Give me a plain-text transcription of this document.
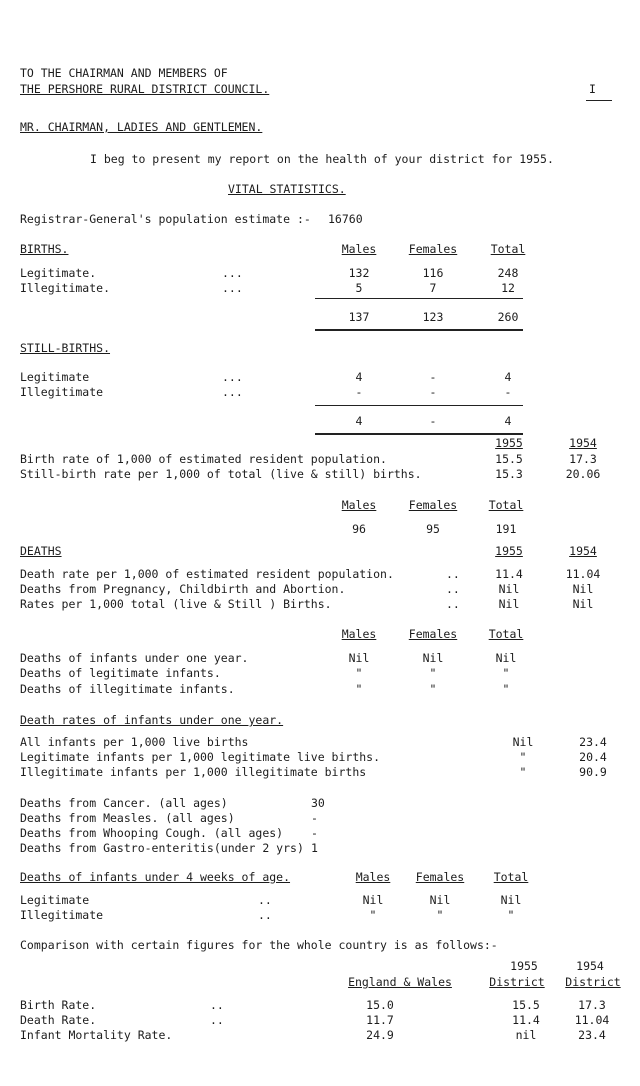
TO THE CHAIRMAN AND MEMBERS OF
THE PERSHORE RURAL DISTRICT COUNCIL.	I
MR. CHAIRMAN, LADIES AND GENTLEMEN.
I beg to present my report on the health of your district for 1955.
VITAL STATISTICS.
Registrar-General's population estimate :- 16760
BIRTHS.	Males	Females	Total
Legitimate.	...	132	116	248
Illegitimate.	...	5	7	12
137	123	260
STILL-BIRTHS.
Legitimate	...	4	-	4
Illegitimate	...	-	-	-
4	-	4
1955	1954
Birth rate of 1,000 of estimated resident population.	15.5	17.3
Still-birth rate per 1,000 of total (live & still) births.	15.3	20.06
Males	Females	Total
96	95	191
DEATHS	1955	1954
Death rate per 1,000 of estimated resident population.	..	11.4	11.04
Deaths from Pregnancy, Childbirth and Abortion.	..	Nil	Nil
Rates per 1,000 total (live & Still ) Births.	..	Nil	Nil
Males	Females	Total
Deaths of infants under one year.	Nil	Nil	Nil
Deaths of legitimate infants.	"	"	"
Deaths of illegitimate infants.	"	"	"
Death rates of infants under one year.
All infants per 1,000 live births	Nil	23.4
Legitimate infants per 1,000 legitimate live births.	"	20.4
Illegitimate infants per 1,000 illegitimate births	"	90.9
Deaths from Cancer. (all ages)	30
Deaths from Measles. (all ages)	-
Deaths from Whooping Cough. (all ages) -
Deaths from Gastro-enteritis(under 2 yrs) 1
Deaths of infants under 4 weeks of age.	Males	Females	Total
Legitimate	..	Nil	Nil	Nil
Illegitimate	..	"	"	"
Comparison with certain figures for the whole country is as follows:-
1955	1954
England & Wales	District	District
Birth Rate.	..	15.0	15.5	17.3
Death Rate.	..	11.7	11.4	11.04
Infant Mortality Rate.	24.9	nil	23.4
